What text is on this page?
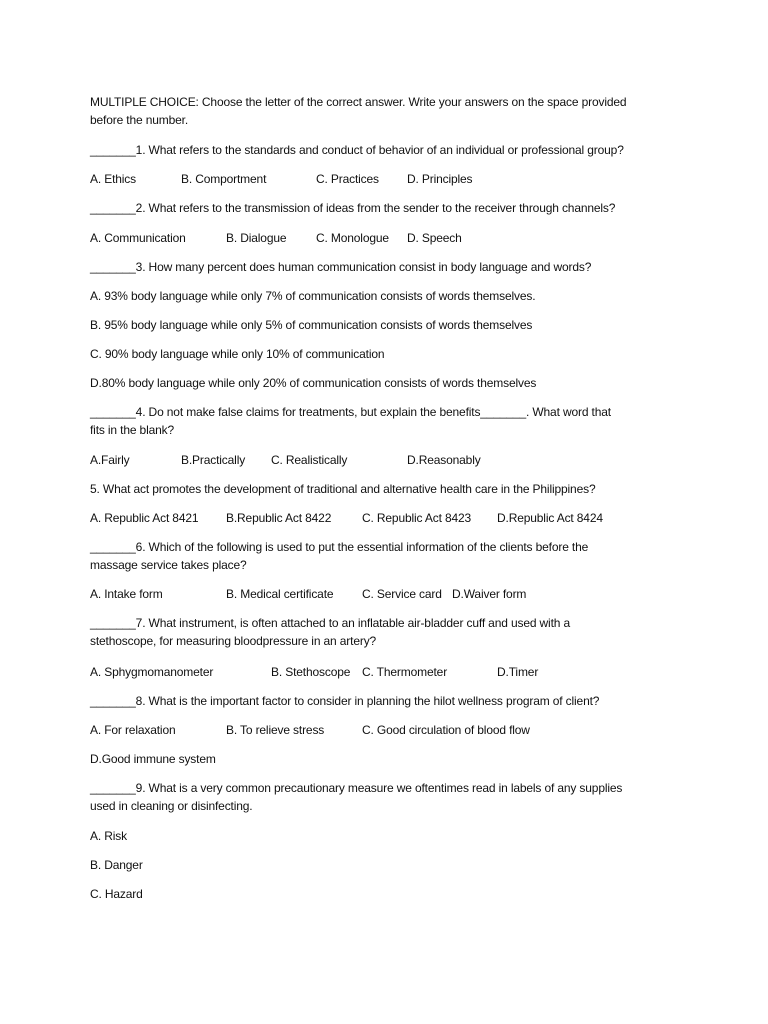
MULTIPLE CHOICE: Choose the letter of the correct answer. Write your answers on the space provided
before the number.
_______1. What refers to the standards and conduct of behavior of an individual or professional group?
A. Ethics	B. Comportment	C. Practices D. Principles
_______2. What refers to the transmission of ideas from the sender to the receiver through channels?
A. Communication	B. Dialogue C. Monologue D. Speech
_______3. How many percent does human communication consist in body language and words?
A. 93% body language while only 7% of communication consists of words themselves.
B. 95% body language while only 5% of communication consists of words themselves
C. 90% body language while only 10% of communication
D.80% body language while only 20% of communication consists of words themselves
_______4. Do not make false claims for treatments, but explain the benefits_______. What word that
fits in the blank?
A.Fairly	B.Practically C. Realistically	D.Reasonably
5. What act promotes the development of traditional and alternative health care in the Philippines?
A. Republic Act 8421 B.Republic Act 8422	C. Republic Act 8423 D.Republic Act 8424
_______6. Which of the following is used to put the essential information of the clients before the
massage service takes place?
A. Intake form	B. Medical certificate C. Service card D.Waiver form
_______7. What instrument, is often attached to an inflatable air-bladder cuff and used with a
stethoscope, for measuring bloodpressure in an artery?
A. Sphygmomanometer	B. Stethoscope C. Thermometer	D.Timer
_______8. What is the important factor to consider in planning the hilot wellness program of client?
A. For relaxation	B. To relieve stress	C. Good circulation of blood flow
D.Good immune system
_______9. What is a very common precautionary measure we oftentimes read in labels of any supplies
used in cleaning or disinfecting.
A. Risk
B. Danger
C. Hazard
